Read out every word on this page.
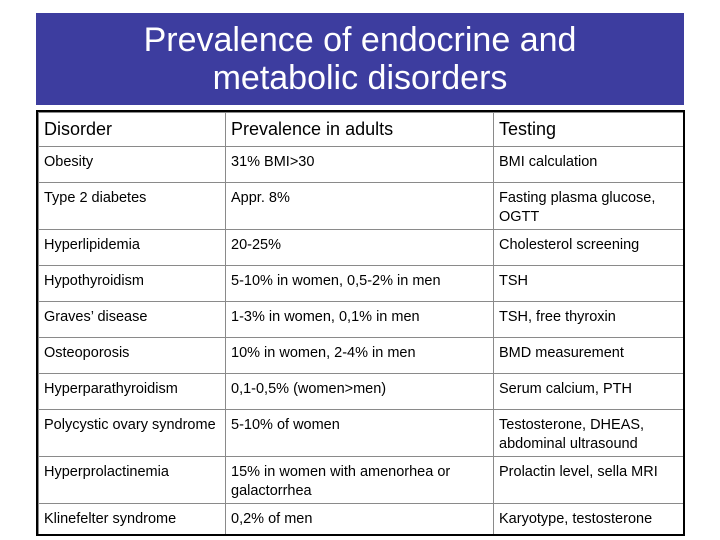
Prevalence of endocrine and
metabolic disorders
Disorder	Prevalence in adults	Testing
Obesity	31% BMI>30	BMI calculation
Type 2 diabetes	Appr. 8%	Fasting plasma glucose, OGTT
Hyperlipidemia	20-25%	Cholesterol screening
Hypothyroidism	5-10% in women, 0,5-2% in men	TSH
Graves’ disease	1-3% in women, 0,1% in men	TSH, free thyroxin
Osteoporosis	10% in women, 2-4% in men	BMD measurement
Hyperparathyroidism	0,1-0,5% (women>men)	Serum calcium, PTH
Polycystic ovary syndrome	5-10% of women	Testosterone, DHEAS, abdominal ultrasound
Hyperprolactinemia	15% in women with amenorhea or galactorrhea	Prolactin level, sella MRI
Klinefelter syndrome	0,2% of men	Karyotype, testosterone
